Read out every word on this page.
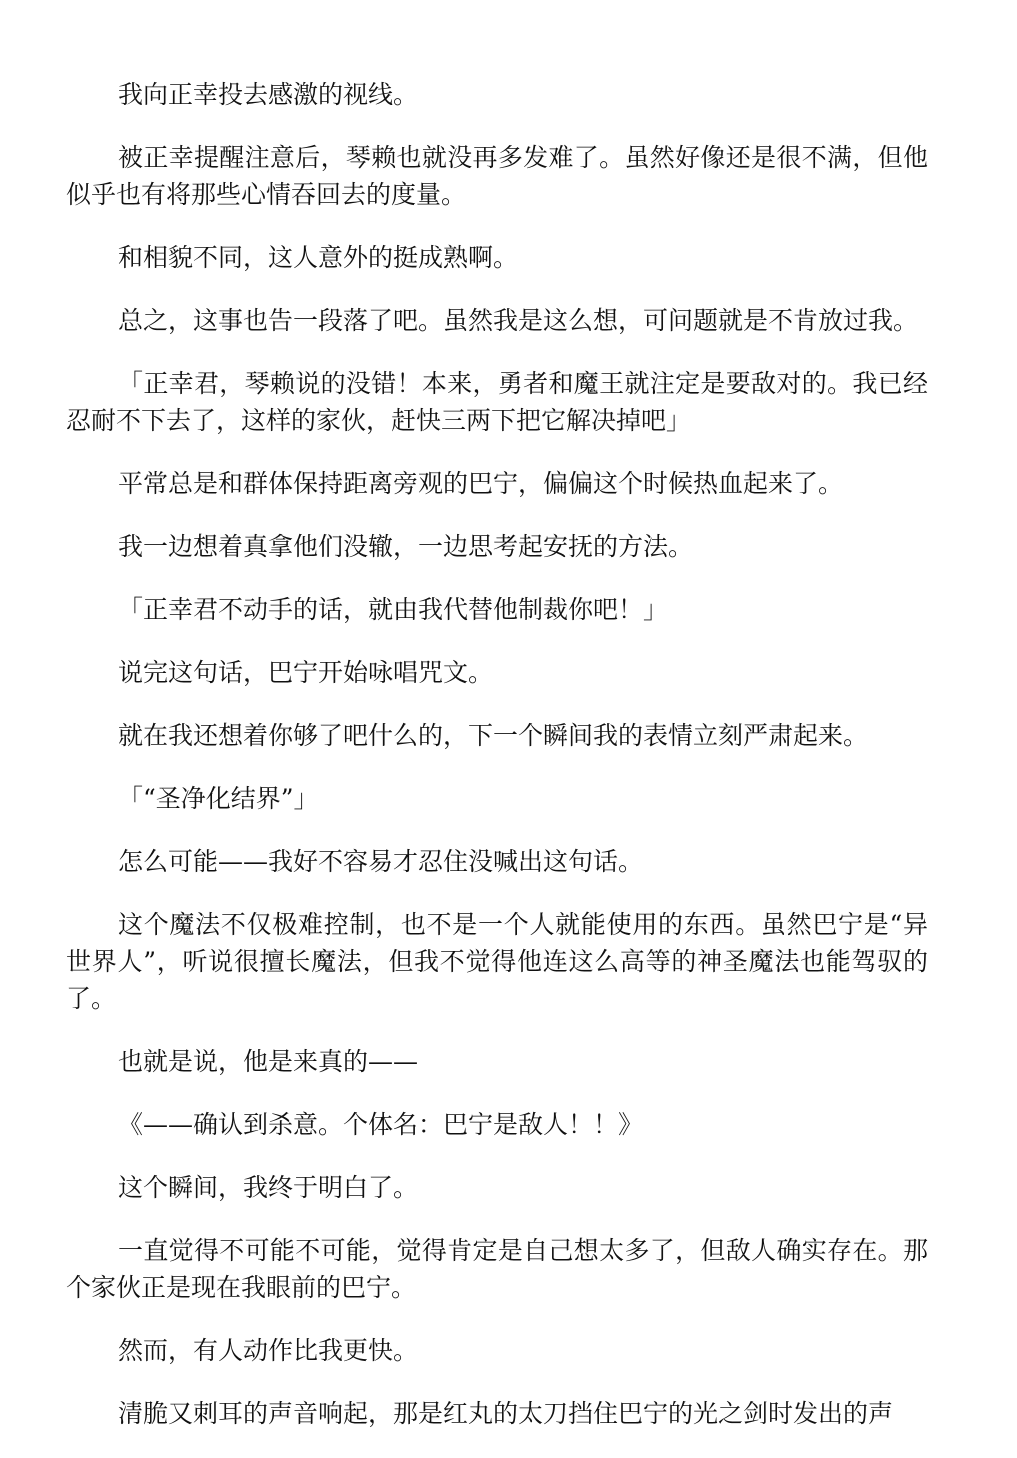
我向正幸投去感激的视线。

被正幸提醒注意后，琴赖也就没再多发难了。虽然好像还是很不满，但他似乎也有将那些心情吞回去的度量。

和相貌不同，这人意外的挺成熟啊。

总之，这事也告一段落了吧。虽然我是这么想，可问题就是不肯放过我。

「正幸君，琴赖说的没错！本来，勇者和魔王就注定是要敌对的。我已经忍耐不下去了，这样的家伙，赶快三两下把它解决掉吧」

平常总是和群体保持距离旁观的巴宁，偏偏这个时候热血起来了。

我一边想着真拿他们没辙，一边思考起安抚的方法。

「正幸君不动手的话，就由我代替他制裁你吧！」

说完这句话，巴宁开始咏唱咒文。

就在我还想着你够了吧什么的，下一个瞬间我的表情立刻严肃起来。

「“圣净化结界”」

怎么可能——我好不容易才忍住没喊出这句话。

这个魔法不仅极难控制，也不是一个人就能使用的东西。虽然巴宁是“异世界人”，听说很擅长魔法，但我不觉得他连这么高等的神圣魔法也能驾驭的了。

也就是说，他是来真的——

《——确认到杀意。个体名：巴宁是敌人！！》

这个瞬间，我终于明白了。

一直觉得不可能不可能，觉得肯定是自己想太多了，但敌人确实存在。那个家伙正是现在我眼前的巴宁。

然而，有人动作比我更快。

清脆又刺耳的声音响起，那是红丸的太刀挡住巴宁的光之剑时发出的声
